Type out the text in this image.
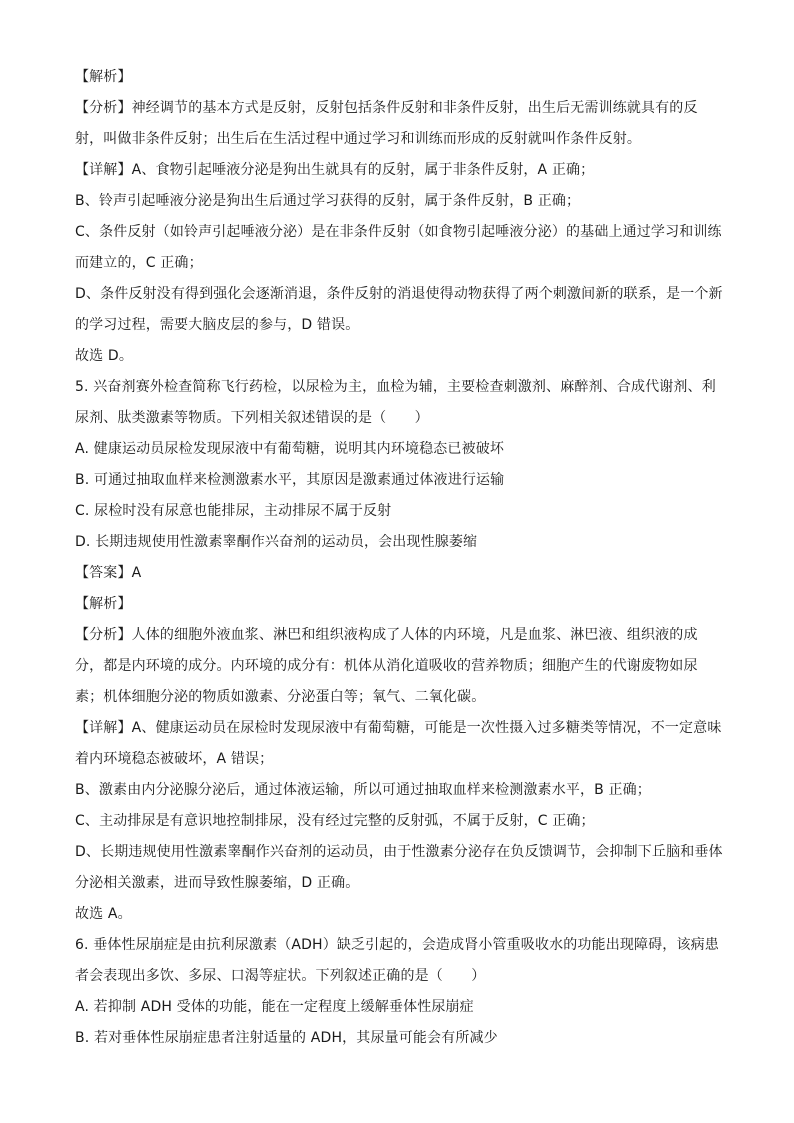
【解析】
【分析】神经调节的基本方式是反射，反射包括条件反射和非条件反射，出生后无需训练就具有的反
射，叫做非条件反射；出生后在生活过程中通过学习和训练而形成的反射就叫作条件反射。
【详解】A、食物引起唾液分泌是狗出生就具有的反射，属于非条件反射，A 正确；
B、铃声引起唾液分泌是狗出生后通过学习获得的反射，属于条件反射，B 正确；
C、条件反射（如铃声引起唾液分泌）是在非条件反射（如食物引起唾液分泌）的基础上通过学习和训练
而建立的，C 正确；
D、条件反射没有得到强化会逐渐消退，条件反射的消退使得动物获得了两个刺激间新的联系，是一个新
的学习过程，需要大脑皮层的参与，D 错误。
故选 D。
5. 兴奋剂赛外检查简称飞行药检，以尿检为主，血检为辅，主要检查刺激剂、麻醉剂、合成代谢剂、利
尿剂、肽类激素等物质。下列相关叙述错误的是（　　）
A. 健康运动员尿检发现尿液中有葡萄糖，说明其内环境稳态已被破坏
B. 可通过抽取血样来检测激素水平，其原因是激素通过体液进行运输
C. 尿检时没有尿意也能排尿，主动排尿不属于反射
D. 长期违规使用性激素睾酮作兴奋剂的运动员，会出现性腺萎缩
【答案】A
【解析】
【分析】人体的细胞外液血浆、淋巴和组织液构成了人体的内环境，凡是血浆、淋巴液、组织液的成
分，都是内环境的成分。内环境的成分有：机体从消化道吸收的营养物质；细胞产生的代谢废物如尿
素；机体细胞分泌的物质如激素、分泌蛋白等；氧气、二氧化碳。
【详解】A、健康运动员在尿检时发现尿液中有葡萄糖，可能是一次性摄入过多糖类等情况，不一定意味
着内环境稳态被破坏，A 错误；
B、激素由内分泌腺分泌后，通过体液运输，所以可通过抽取血样来检测激素水平，B 正确；
C、主动排尿是有意识地控制排尿，没有经过完整的反射弧，不属于反射，C 正确；
D、长期违规使用性激素睾酮作兴奋剂的运动员，由于性激素分泌存在负反馈调节，会抑制下丘脑和垂体
分泌相关激素，进而导致性腺萎缩，D 正确。
故选 A。
6. 垂体性尿崩症是由抗利尿激素（ADH）缺乏引起的，会造成肾小管重吸收水的功能出现障碍，该病患
者会表现出多饮、多尿、口渴等症状。下列叙述正确的是（　　）
A. 若抑制 ADH 受体的功能，能在一定程度上缓解垂体性尿崩症
B. 若对垂体性尿崩症患者注射适量的 ADH，其尿量可能会有所减少
